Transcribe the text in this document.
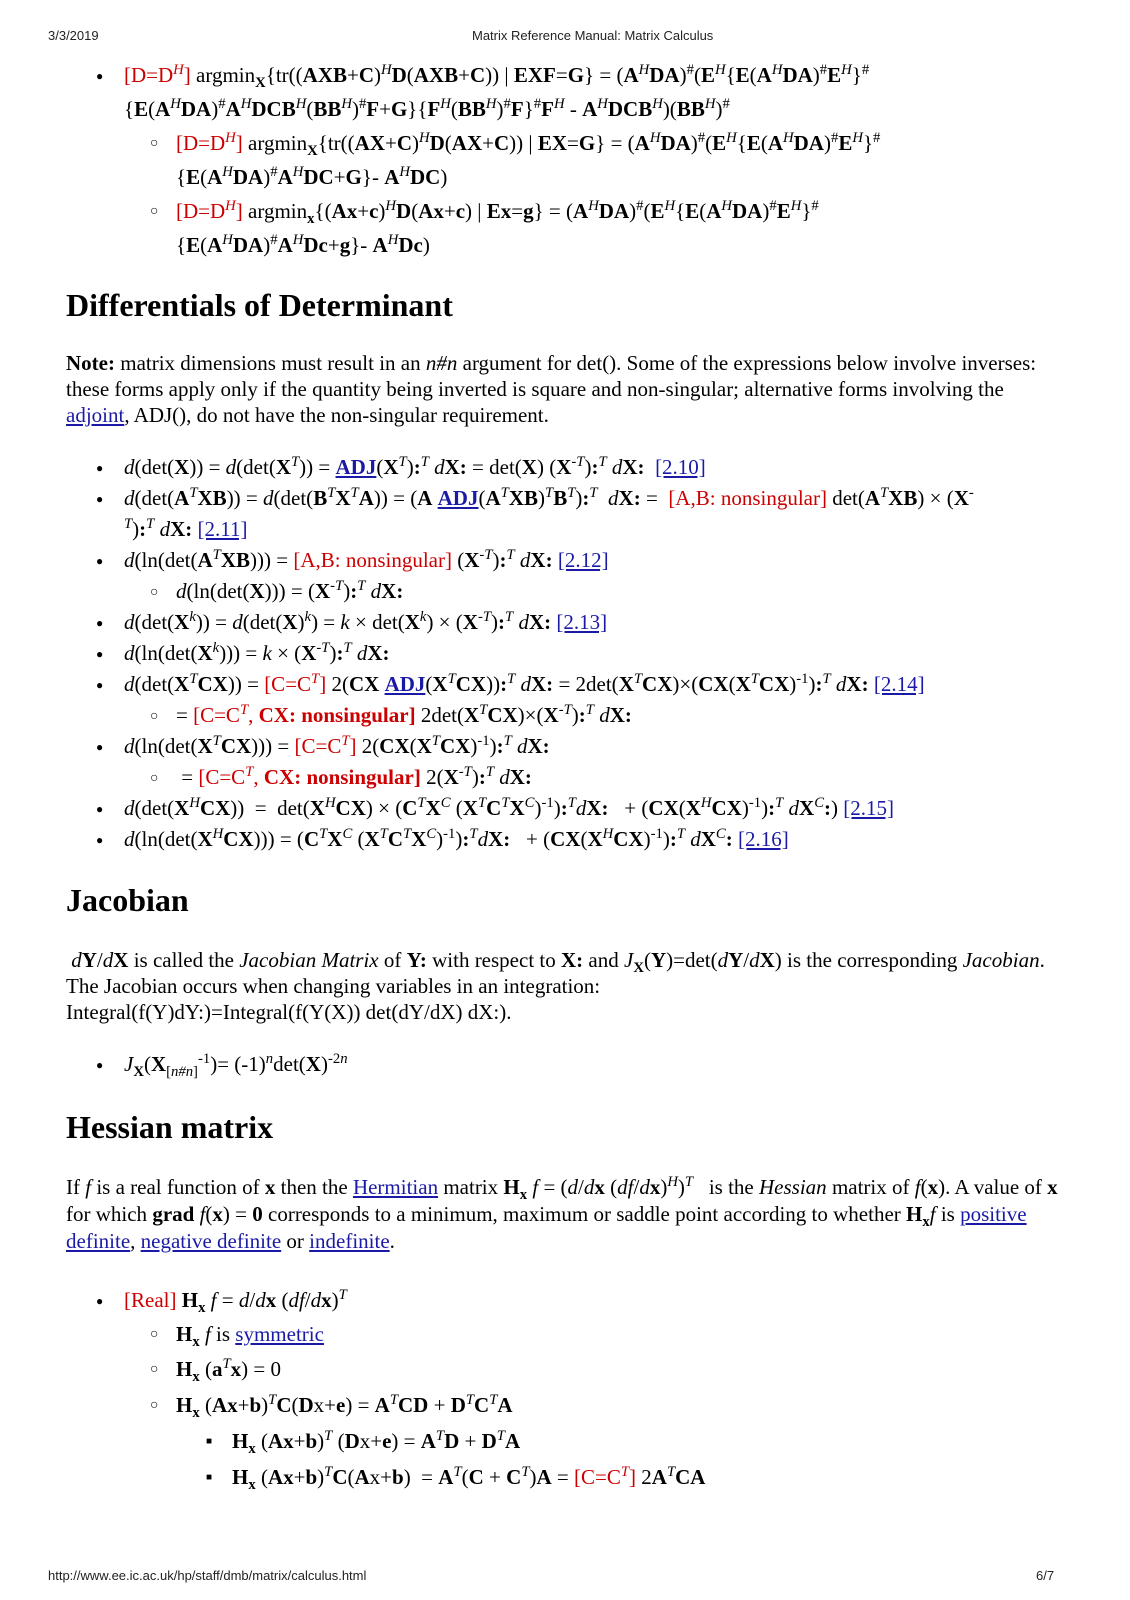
3/3/2019	Matrix Reference Manual: Matrix Calculus
● $[D=D^H]$ $argmin_X\{tr((AXB+C)^HD(AXB+C))$ | $EXF=G\} = (A^HDA)^{\#}(E^H\{E(A^HDA)^{\#}E^H\}^{\#}$
$\{E(A^HDA)^{\#}A^HDCB^H(BB^H)^{\#}F+G\}\{F^H(BB^H)^{\#}F\}^{\#}F^H - A^HDCB^H)(BB^H)^{\#}$
○ $[D=D^H]$ $argmin_X\{tr((AX+C)^HD(AX+C))$ | $EX=G\} = (A^HDA)^{\#}(E^H\{E(A^HDA)^{\#}E^H\}^{\#}$
$\{E(A^HDA)^{\#}A^HDC+G\}-$ $A^HDC$)
○ $[D=D^H]$ $argmin_x\{(Ax+c)^HD(Ax+c)$ | $Ex=g\} = (A^HDA)^{\#}(E^H\{E(A^HDA)^{\#}E^H\}^{\#}$
$\{E(A^HDA)^{\#}A^HDc+g\}-$ $A^HDc$)
Differentials of Determinant

Note: matrix dimensions must result in an n#n argument for det(). Some of the expressions below involve inverses: these forms apply only if the quantity being inverted is square and non-singular; alternative forms involving the adjoint, ADJ(), do not have the non-singular requirement.

● $d(\det(X)) = d(\det(X^T))$ = $ADJ(X^T):^T$ dX: = det(X) $(X^{-T}):^T$ dX: [2.10]
● $d(\det(A^TXB)) = d(\det(B^TX^TA)) = (A$ $ADJ(A^TXB)^TB^T):^T$ dX: =  [A,B: nonsingular] $\det(A^TXB) \times (X^-$
$^T$):$^T$ dX: [2.11]
● $d(\ln(\det(A^TXB))) = [A,B$: nonsingular] $(X^{-T}):^T$ dX: [2.12]
○ $d(\ln(\det(X))) = (X^{-T}):^T$ dX:
● $d(\det(X^k)) = d(\det(X)^k) = k \times \det(X^k)$ × $(X^{-T}):^T$ dX: [2.13]
● $d(\ln(\det(X^k))) = k$ × $(X^{-T}):^T$ dX:
● $d(\det(X^TCX)) = [C=C^T]$ 2(CX $ADJ(X^TCX)):^T$ dX: = $2\det(X^TCX)\times(CX(X^TCX)^{-1}):^T$ dX: [2.14]
○ = [$C=C^T$, CX: nonsingular] $2\det(X^TCX)\times(X^{-T}):^T$ dX:
● $d(\ln(\det(X^TCX))) = [C=C^T]$ $2(CX(X^TCX)^{-1}):^T$ dX:
○  = [$C=C^T$, CX: nonsingular] $2(X^{-T}):^T$ dX:
● $d(\det(X^HCX)) = \det(X^HCX) \times (C^TX^C$ $(X^TC^TX^C)^{-1}):^TdX$:   + $(CX(X^HCX)^{-1}):^T$ $dX^C$:) [2.15]
● $d(\ln(\det(X^HCX))) = (C^TX^C$ $(X^TC^TX^C)^{-1}):^TdX$:   + $(CX(X^HCX)^{-1}):^T$ $dX^C$: [2.16]
Jacobian

dY/dX is called the Jacobian Matrix of Y: with respect to X: and $J_X(Y)=\det(dY/dX)$ is the corresponding Jacobian. The Jacobian occurs when changing variables in an integration:
Integral(f(Y)dY:)=Integral(f(Y(X)) det(dY/dX) dX:).

● $J_X(X_{[n\#n]}^{-1})= (-1)^n\det(X)^{-2n}$
Hessian matrix

If f is a real function of x then the Hermitian matrix $H_x$ f = (d/dx $(df/dx)^H)^T$   is the Hessian matrix of f(x). A value of x for which grad f(x) = 0 corresponds to a minimum, maximum or saddle point according to whether $H_xf$ is positive definite, negative definite or indefinite.

● [Real] $H_x$ f = d/dx $(df/dx)^T$
○ $H_x$ f is symmetric
○ $H_x$ $(a^Tx) = 0$
○ $H_x$ $(Ax+b)^TC(Dx+e) = A^TCD + D^TC^TA$
■ $H_x$ $(Ax+b)^T$ $(Dx+e) = A^TD + D^TA$
■ $H_x$ $(Ax+b)^TC(Ax+b) = A^T(C + C^T)A = [C=C^T]$ $2A^TCA$
http://www.ee.ic.ac.uk/hp/staff/dmb/matrix/calculus.html	6/7
